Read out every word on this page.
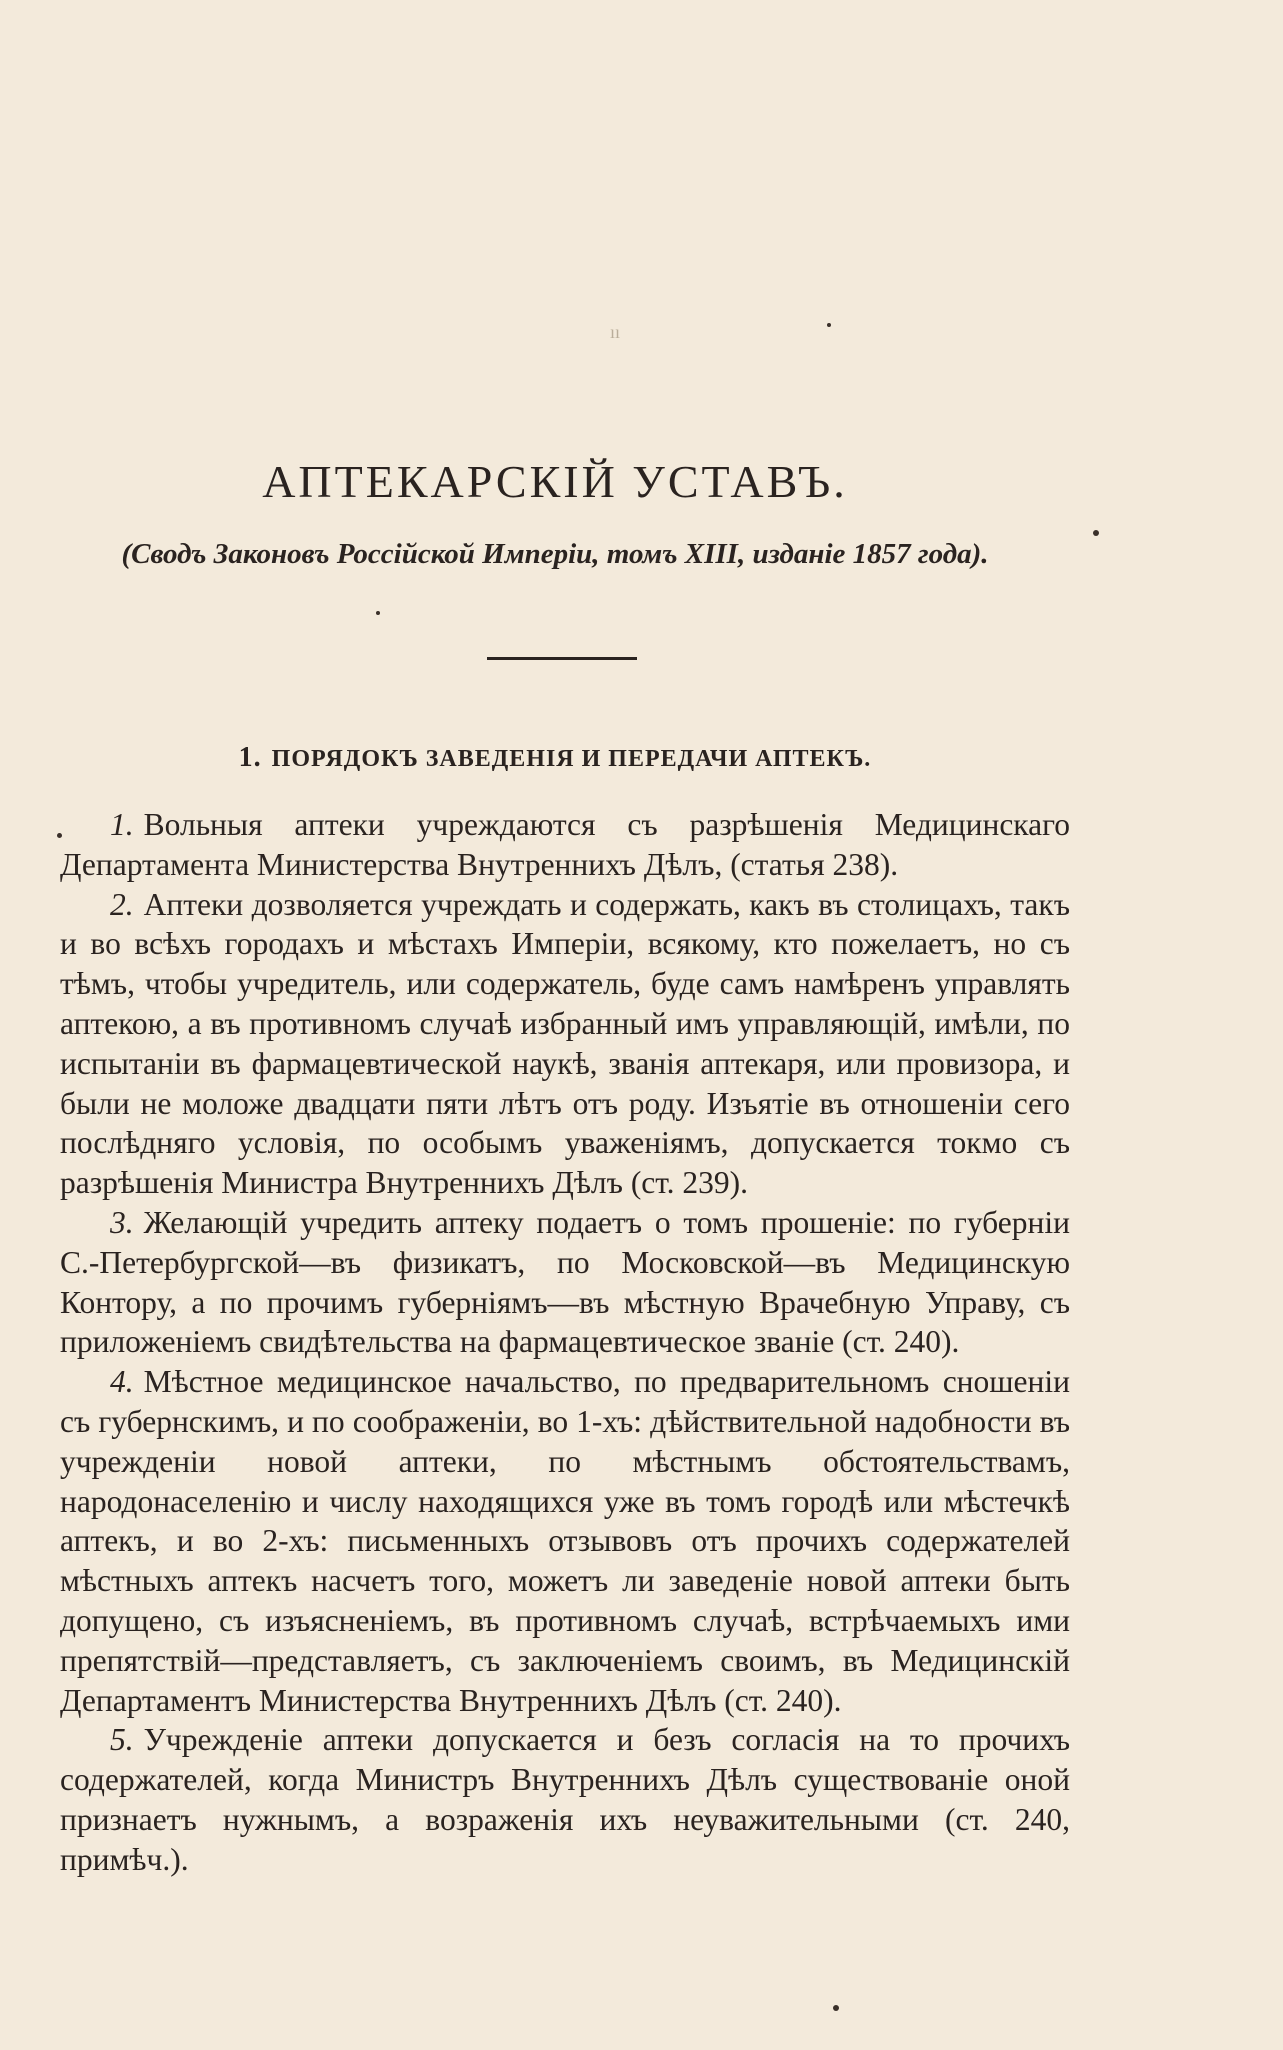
ıı
АПТЕКАРСКІЙ УСТАВЪ.

(Сводъ Законовъ Россійской Имперіи, томъ XIII, изданіе 1857 года).

1. ПОРЯДОКЪ ЗАВЕДЕНІЯ И ПЕРЕДАЧИ АПТЕКЪ.

1. Вольныя аптеки учреждаются съ разрѣшенія Медицинскаго Департамента Министерства Внутреннихъ Дѣлъ, (статья 238).

2. Аптеки дозволяется учреждать и содержать, какъ въ столицахъ, такъ и во всѣхъ городахъ и мѣстахъ Имперіи, всякому, кто пожелаетъ, но съ тѣмъ, чтобы учредитель, или содержатель, буде самъ намѣренъ управлять аптекою, а въ противномъ случаѣ избранный имъ управляющій, имѣли, по испытаніи въ фармацевтической наукѣ, званія аптекаря, или провизора, и были не моложе двадцати пяти лѣтъ отъ роду. Изъятіе въ отношеніи сего послѣдняго условія, по особымъ уваженіямъ, допускается токмо съ разрѣшенія Министра Внутреннихъ Дѣлъ (ст. 239).

3. Желающій учредить аптеку подаетъ о томъ прошеніе: по губерніи С.-Петербургской—въ физикатъ, по Московской—въ Медицинскую Контору, а по прочимъ губерніямъ—въ мѣстную Врачебную Управу, съ приложеніемъ свидѣтельства на фармацевтическое званіе (ст. 240).

4. Мѣстное медицинское начальство, по предварительномъ сношеніи съ губернскимъ, и по соображеніи, во 1-хъ: дѣйствительной надобности въ учрежденіи новой аптеки, по мѣстнымъ обстоятельствамъ, народонаселенію и числу находящихся уже въ томъ городѣ или мѣстечкѣ аптекъ, и во 2-хъ: письменныхъ отзывовъ отъ прочихъ содержателей мѣстныхъ аптекъ насчетъ того, можетъ ли заведеніе новой аптеки быть допущено, съ изъясненіемъ, въ противномъ случаѣ, встрѣчаемыхъ ими препятствій—представляетъ, съ заключеніемъ своимъ, въ Медицинскій Департаментъ Министерства Внутреннихъ Дѣлъ (ст. 240).

5. Учрежденіе аптеки допускается и безъ согласія на то прочихъ содержателей, когда Министръ Внутреннихъ Дѣлъ существованіе оной признаетъ нужнымъ, а возраженія ихъ неуважительными (ст. 240, примѣч.).
